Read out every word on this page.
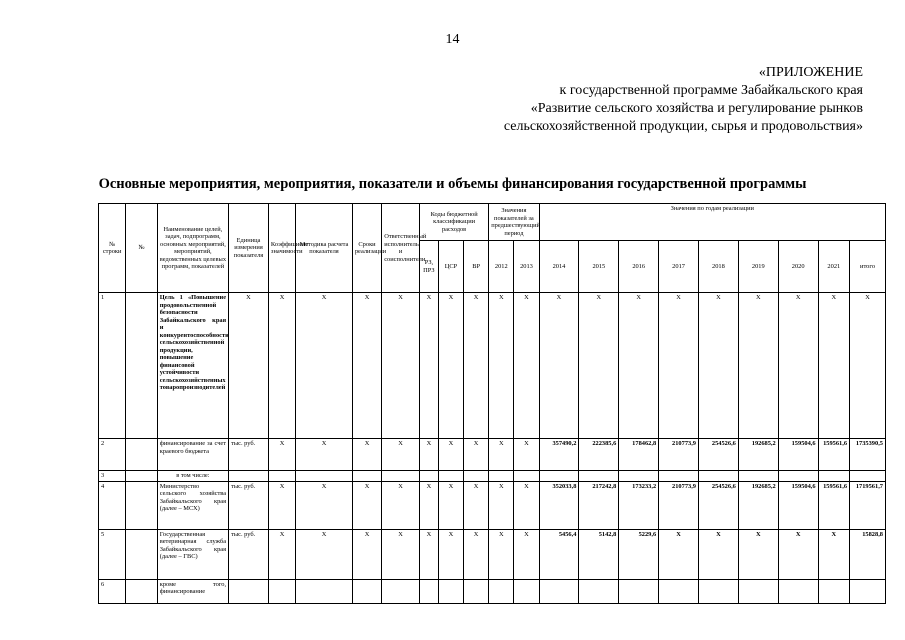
14
«ПРИЛОЖЕНИЕ
к государственной программе Забайкальского края
«Развитие сельского хозяйства и регулирование рынков
сельскохозяйственной продукции, сырья и продовольствия»
Основные мероприятия, мероприятия, показатели и объемы финансирования государственной программы
№ строки	№	Наименование целей, задач, подпрограмм, основных мероприятий, мероприятий, ведомственных целевых программ, показателей	Единица измерения показателя	Коэффициент значимости	Методика расчета показателя	Сроки реализации	Ответственный исполнитель и соисполнители	Коды бюджетной классификации расходов			Значения показателей за предшествующий период		Значения по годам реализации								
								РЗ, ПРЗ	ЦСР	ВР	2012	2013	2014	2015	2016	2017	2018	2019	2020	2021	итого
1		Цель 1 «Повышение продовольственной безопасности Забайкальского края и конкурентоспособности сельскохозяйственной продукции, повышение финансовой устойчивости сельскохозяйственных товаропроизводителей	Х	Х	Х	Х	Х	Х	Х	Х	Х	Х	Х	Х	Х	Х	Х	Х	Х	Х	Х
2		финансирование за счет краевого бюджета	тыс. руб.	Х	Х	Х	Х	Х	Х	Х	Х	Х	357490,2	222385,6	178462,8	210773,9	254526,6	192685,2	159504,6	159561,6	1735390,5
3		в том числе:																			
4		Министерство сельского хозяйства Забайкальского края (далее – МСХ)	тыс. руб.	Х	Х	Х	Х	Х	Х	Х	Х	Х	352033,8	217242,8	173233,2	210773,9	254526,6	192685,2	159504,6	159561,6	1719561,7
5		Государственная ветеринарная служба Забайкальского края (далее – ГВС)	тыс. руб.	Х	Х	Х	Х	Х	Х	Х	Х	Х	5456,4	5142,8	5229,6	Х	Х	Х	Х	Х	15828,8
6		кроме того, финансирование																			
